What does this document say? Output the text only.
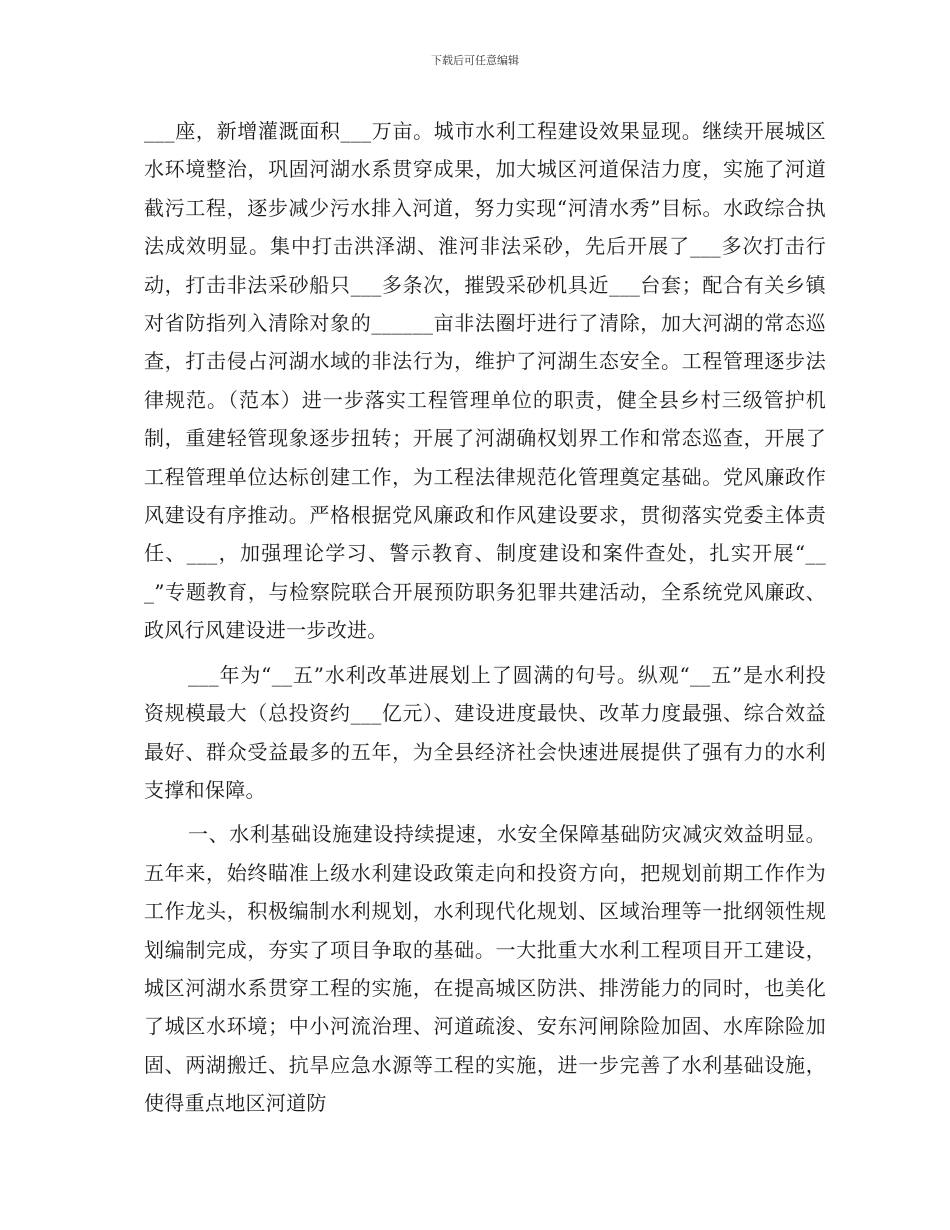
下载后可任意编辑

___座，新增灌溉面积___万亩。城市水利工程建设效果显现。继续开展城区水环境整治，巩固河湖水系贯穿成果，加大城区河道保洁力度，实施了河道截污工程，逐步减少污水排入河道，努力实现“河清水秀”目标。水政综合执法成效明显。集中打击洪泽湖、淮河非法采砂，先后开展了___多次打击行动，打击非法采砂船只___多条次，摧毁采砂机具近___台套；配合有关乡镇对省防指列入清除对象的______亩非法圈圩进行了清除，加大河湖的常态巡查，打击侵占河湖水域的非法行为，维护了河湖生态安全。工程管理逐步法律规范。（范本）进一步落实工程管理单位的职责，健全县乡村三级管护机制，重建轻管现象逐步扭转；开展了河湖确权划界工作和常态巡查，开展了工程管理单位达标创建工作，为工程法律规范化管理奠定基础。党风廉政作风建设有序推动。严格根据党风廉政和作风建设要求，贯彻落实党委主体责任、___，加强理论学习、警示教育、制度建设和案件查处，扎实开展“___”专题教育，与检察院联合开展预防职务犯罪共建活动，全系统党风廉政、政风行风建设进一步改进。

___年为“__五”水利改革进展划上了圆满的句号。纵观“__五”是水利投资规模最大（总投资约___亿元）、建设进度最快、改革力度最强、综合效益最好、群众受益最多的五年，为全县经济社会快速进展提供了强有力的水利支撑和保障。

一、水利基础设施建设持续提速，水安全保障基础防灾减灾效益明显。五年来，始终瞄准上级水利建设政策走向和投资方向，把规划前期工作作为工作龙头，积极编制水利规划，水利现代化规划、区域治理等一批纲领性规划编制完成，夯实了项目争取的基础。一大批重大水利工程项目开工建设，城区河湖水系贯穿工程的实施，在提高城区防洪、排涝能力的同时，也美化了城区水环境；中小河流治理、河道疏浚、安东河闸除险加固、水库除险加固、两湖搬迁、抗旱应急水源等工程的实施，进一步完善了水利基础设施，使得重点地区河道防
